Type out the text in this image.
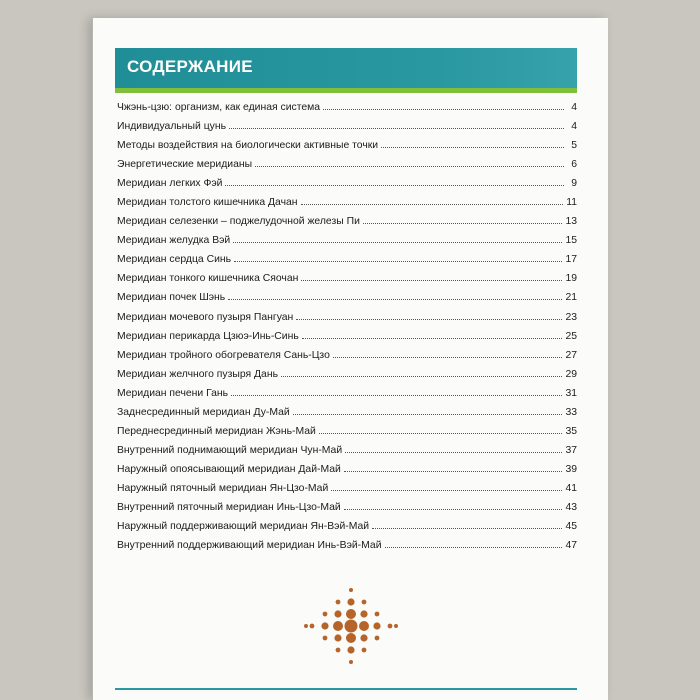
СОДЕРЖАНИЕ
Чжэнь-цзю: организм, как единая система	4
Индивидуальный цунь	4
Методы воздействия на биологически активные точки	5
Энергетические меридианы	6
Меридиан легких Фэй	9
Меридиан толстого кишечника Дачан	11
Меридиан селезенки – поджелудочной железы Пи	13
Меридиан желудка Вэй	15
Меридиан сердца Синь	17
Меридиан тонкого кишечника Сяочан	19
Меридиан почек Шэнь	21
Меридиан мочевого пузыря Пангуан	23
Меридиан перикарда Цзюэ-Инь-Синь	25
Меридиан тройного обогревателя Сань-Цзо	27
Меридиан желчного пузыря Дань	29
Меридиан печени Гань	31
Заднесрединный меридиан Ду-Май	33
Переднесрединный меридиан Жэнь-Май	35
Внутренний поднимающий меридиан Чун-Май	37
Наружный опоясывающий меридиан Дай-Май	39
Наружный пяточный меридиан Ян-Цзо-Май	41
Внутренний пяточный меридиан Инь-Цзо-Май	43
Наружный поддерживающий меридиан Ян-Вэй-Май	45
Внутренний поддерживающий меридиан Инь-Вэй-Май	47
